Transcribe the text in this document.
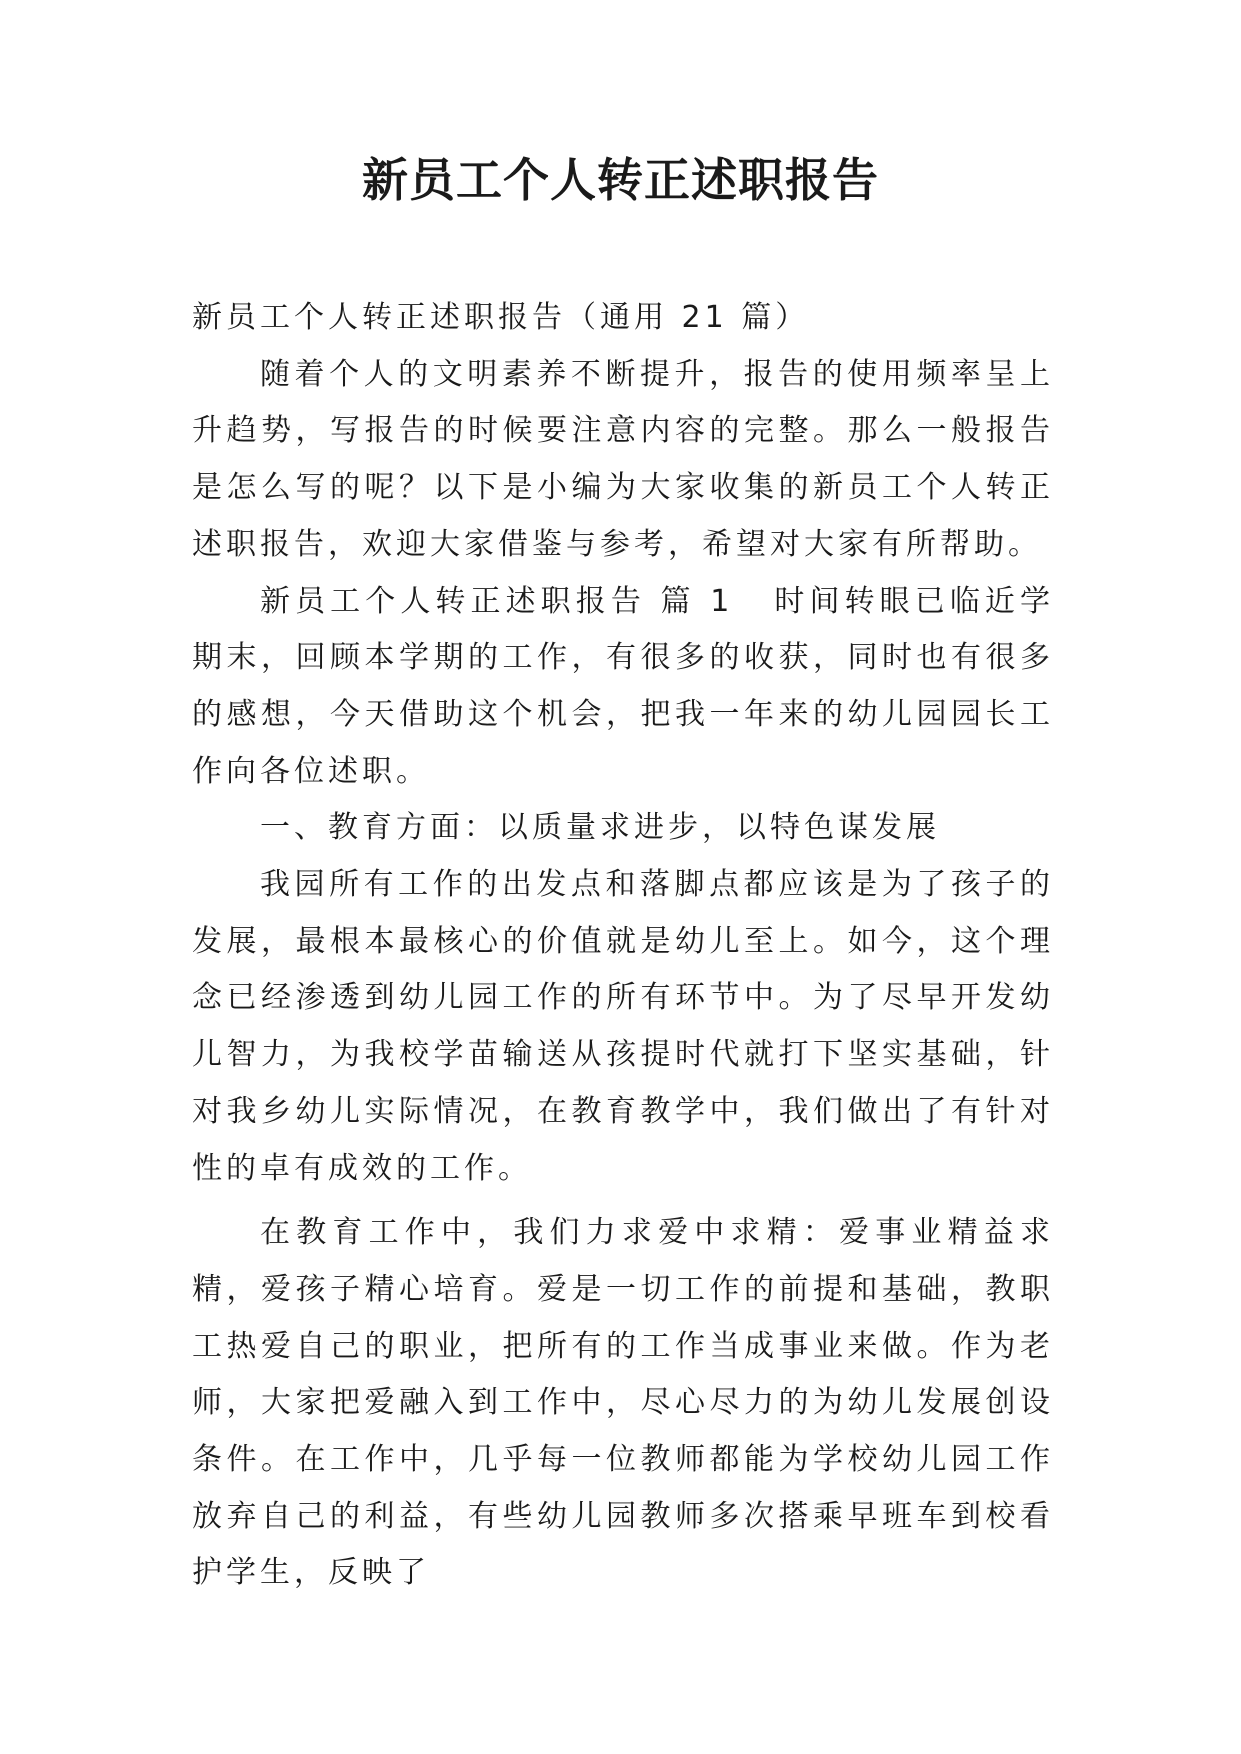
新员工个人转正述职报告

新员工个人转正述职报告（通用 21 篇）

随着个人的文明素养不断提升，报告的使用频率呈上升趋势，写报告的时候要注意内容的完整。那么一般报告是怎么写的呢？以下是小编为大家收集的新员工个人转正述职报告，欢迎大家借鉴与参考，希望对大家有所帮助。

新员工个人转正述职报告 篇 1 时间转眼已临近学期末，回顾本学期的工作，有很多的收获，同时也有很多的感想，今天借助这个机会，把我一年来的幼儿园园长工作向各位述职。

一、教育方面：以质量求进步，以特色谋发展

我园所有工作的出发点和落脚点都应该是为了孩子的发展，最根本最核心的价值就是幼儿至上。如今，这个理念已经渗透到幼儿园工作的所有环节中。为了尽早开发幼儿智力，为我校学苗输送从孩提时代就打下坚实基础，针对我乡幼儿实际情况，在教育教学中，我们做出了有针对性的卓有成效的工作。

在教育工作中，我们力求爱中求精：爱事业精益求精，爱孩子精心培育。爱是一切工作的前提和基础，教职工热爱自己的职业，把所有的工作当成事业来做。作为老师，大家把爱融入到工作中，尽心尽力的为幼儿发展创设条件。在工作中，几乎每一位教师都能为学校幼儿园工作放弃自己的利益，有些幼儿园教师多次搭乘早班车到校看护学生，反映了
